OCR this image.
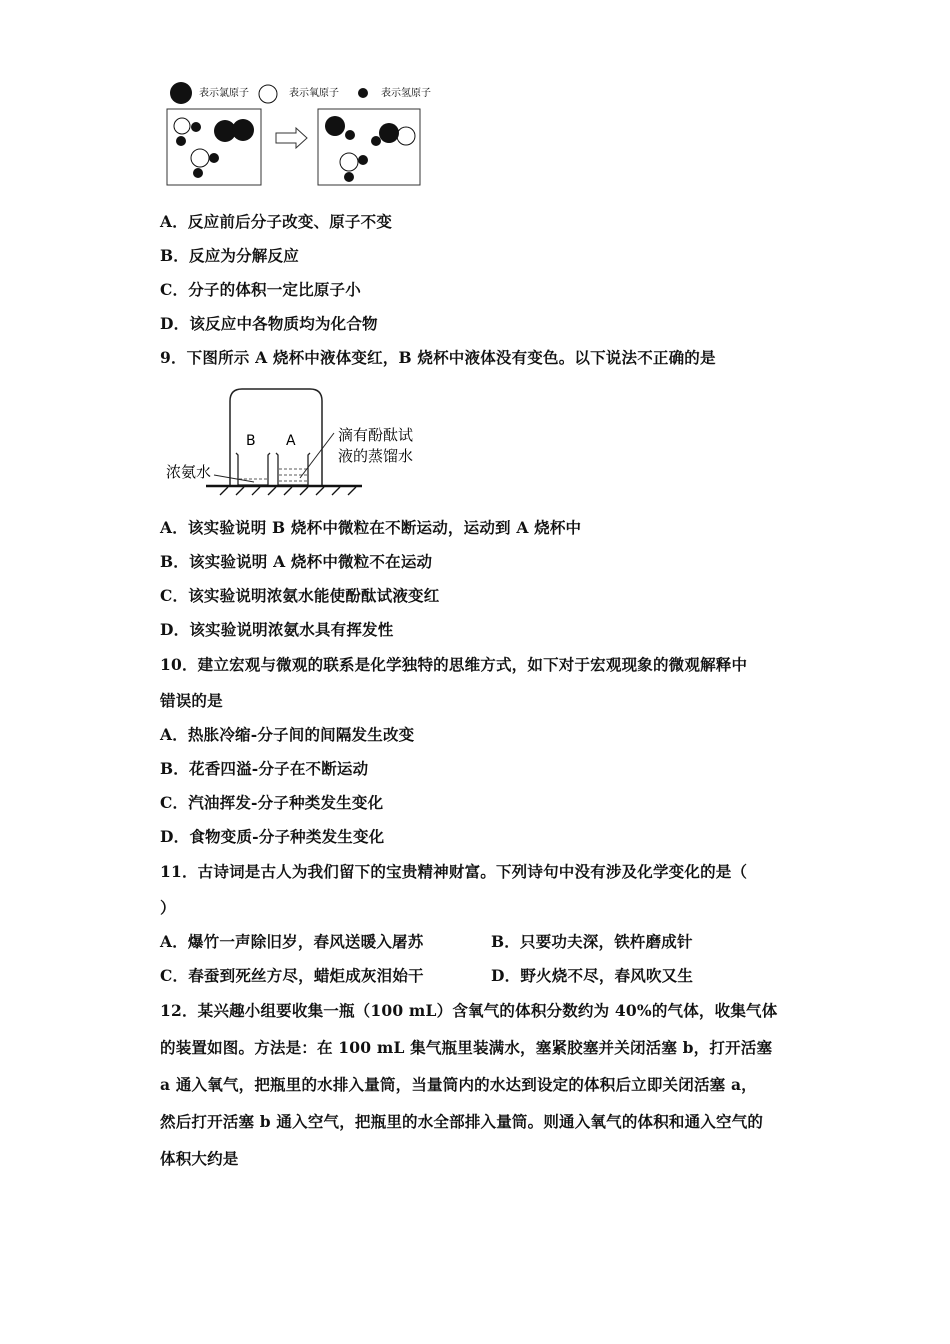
表示氯原子	表示氧原子	表示氢原子
A．反应前后分子改变、原子不变
B．反应为分解反应
C．分子的体积一定比原子小
D．该反应中各物质均为化合物
9．下图所示 A 烧杯中液体变红，B 烧杯中液体没有变色。以下说法不正确的是
B A
浓氨水
滴有酚酞试
液的蒸馏水
A．该实验说明 B 烧杯中微粒在不断运动，运动到 A 烧杯中
B．该实验说明 A 烧杯中微粒不在运动
C．该实验说明浓氨水能使酚酞试液变红
D．该实验说明浓氨水具有挥发性
10．建立宏观与微观的联系是化学独特的思维方式，如下对于宏观现象的微观解释中
错误的是
A．热胀冷缩-分子间的间隔发生改变
B．花香四溢-分子在不断运动
C．汽油挥发-分子种类发生变化
D．食物变质-分子种类发生变化
11．古诗词是古人为我们留下的宝贵精神财富。下列诗句中没有涉及化学变化的是（
）
A．爆竹一声除旧岁，春风送暖入屠苏	B．只要功夫深，铁杵磨成针
C．春蚕到死丝方尽，蜡炬成灰泪始干	D．野火烧不尽，春风吹又生
12．某兴趣小组要收集一瓶（100 mL）含氧气的体积分数约为 40%的气体，收集气体
的装置如图。方法是：在 100 mL 集气瓶里装满水，塞紧胶塞并关闭活塞 b，打开活塞
a 通入氧气，把瓶里的水排入量筒，当量筒内的水达到设定的体积后立即关闭活塞 a，
然后打开活塞 b 通入空气，把瓶里的水全部排入量筒。则通入氧气的体积和通入空气的
体积大约是
